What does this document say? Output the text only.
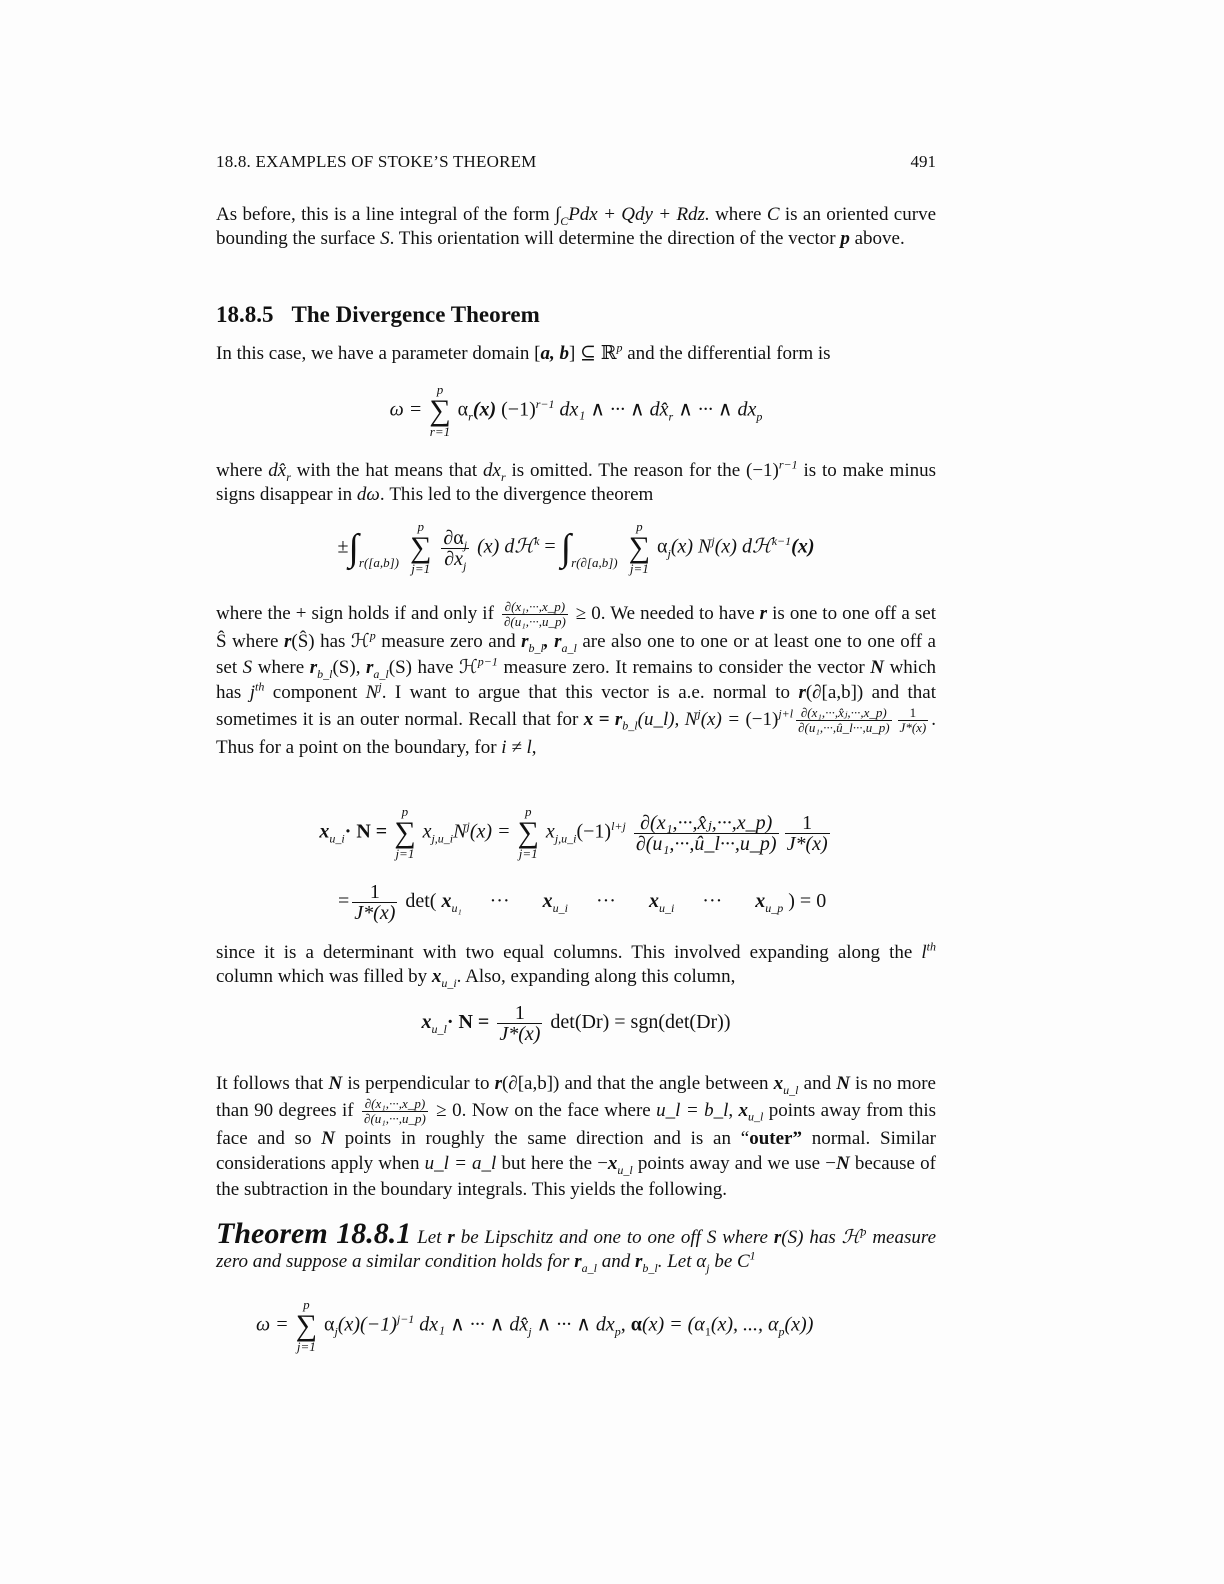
18.8. EXAMPLES OF STOKE’S THEOREM	491

As before, this is a line integral of the form $\int_CPdx$ + Qdy + Rdz. where C is an oriented curve bounding the surface S. This orientation will determine the direction of the vector p above.

18.8.5 The Divergence Theorem

In this case, we have a parameter domain [a, b] ⊆ ℝ$^p$ and the differential form is

ω =
p
∑
r=1
$\alpha_r(x)$ $(-1)^{r-1}$ dx₁ ∧ ··· ∧ $dx̂_r$ ∧ ··· ∧ $dx_p$

where $dx̂_r$ with the hat means that $dx_r$ is omitted. The reason for the $(-1)^{r-1}$ is to make minus signs disappear in dω. This led to the divergence theorem

$\pm\int_{r([a,b])}$
p
∑
j=1
$\frac{\partial\alpha_j}{\partial x_j} (x)$ dℋ$^k$ = $\int_{r(\partial[a,b])}$
p
∑
j=1
$\alpha_j(x)$ $N^j(x)$ dℋ$^{k-1}$(x)

where the + sign holds if and only if $\frac{\text{∂(x₁,···,x\_p)}}{\text{∂(u₁,···,u\_p)}} \ge 0$. We needed to have r is one to one off a set Ŝ where r(Ŝ) has ℋ$^p$ measure zero and $r_{b\_l}$, $r_{a\_l}$ are also one to one or at least one to one off a set S where $r_{b\_l}(S)$, $r_{a\_l}(S)$ have ℋ$^{p-1}$ measure zero. It remains to consider the vector N which has $j^{th}$ component $N^j$. I want to argue that this vector is a.e. normal to r(∂[a,b]) and that sometimes it is an outer normal. Recall that for $x = r_{b\_l}(u\_l)$, $N^j(x) = (-1)^{j+l} \frac{\text{∂(x₁,···,x̂ⱼ,···,x\_p)}}{\text{∂(u₁,···,û\_l···,u\_p)}} \frac{1}{J*(x)}$ . Thus for a point on the boundary, for i ≠ l,

$x_{u\_i}\cdot N$ =
p
∑
j=1
$x_{j,u\_i}N^j(x)$ =
p
∑
j=1
$x_{j,u\_i}(-1)^{l+j} \frac{\text{∂(x₁,···,x̂ⱼ,···,x\_p)}}{\text{∂(u₁,···,û\_l···,u\_p)}} \frac{1}{J*(x)}$
= $\frac{1}{J*(x)} \det$( $x_{u_1}$ ··· $x_{u\_i}$ ··· $x_{u\_i}$ ··· $x_{u\_p}$ ) = 0

since it is a determinant with two equal columns. This involved expanding along the $l^{th}$ column which was filled by $x_{u\_i}$. Also, expanding along this column,

$x_{u\_l}\cdot N = \frac{1}{J*(x)} \det(Dr) = sgn(\det(Dr))$

It follows that N is perpendicular to r(∂[a,b]) and that the angle between $x_{u\_l}$ and N is no more than 90 degrees if $\frac{\text{∂(x₁,···,x\_p)}}{\text{∂(u₁,···,u\_p)}} \ge 0$. Now on the face where u_l = b_l, $x_{u\_l}$ points away from this face and so N points in roughly the same direction and is an “outer” normal. Similar considerations apply when u_l = a_l but here the $-x_{u\_l}$ points away and we use −N because of the subtraction in the boundary integrals. This yields the following.

Theorem 18.8.1 Let r be Lipschitz and one to one off S where r(S) has ℋ$^p$ measure zero and suppose a similar condition holds for $r_{a\_l}$ and $r_{b\_l}$. Let $\alpha_j$ be $C^1$

ω =
p
∑
j=1
$\alpha_j(x)(-1)^{j-1}$ dx₁ ∧ ··· ∧ $dx̂_j$ ∧ ··· ∧ $dx_p$, $\alpha(x) = (\alpha_1(x)$, ..., $\alpha_p(x)$)
